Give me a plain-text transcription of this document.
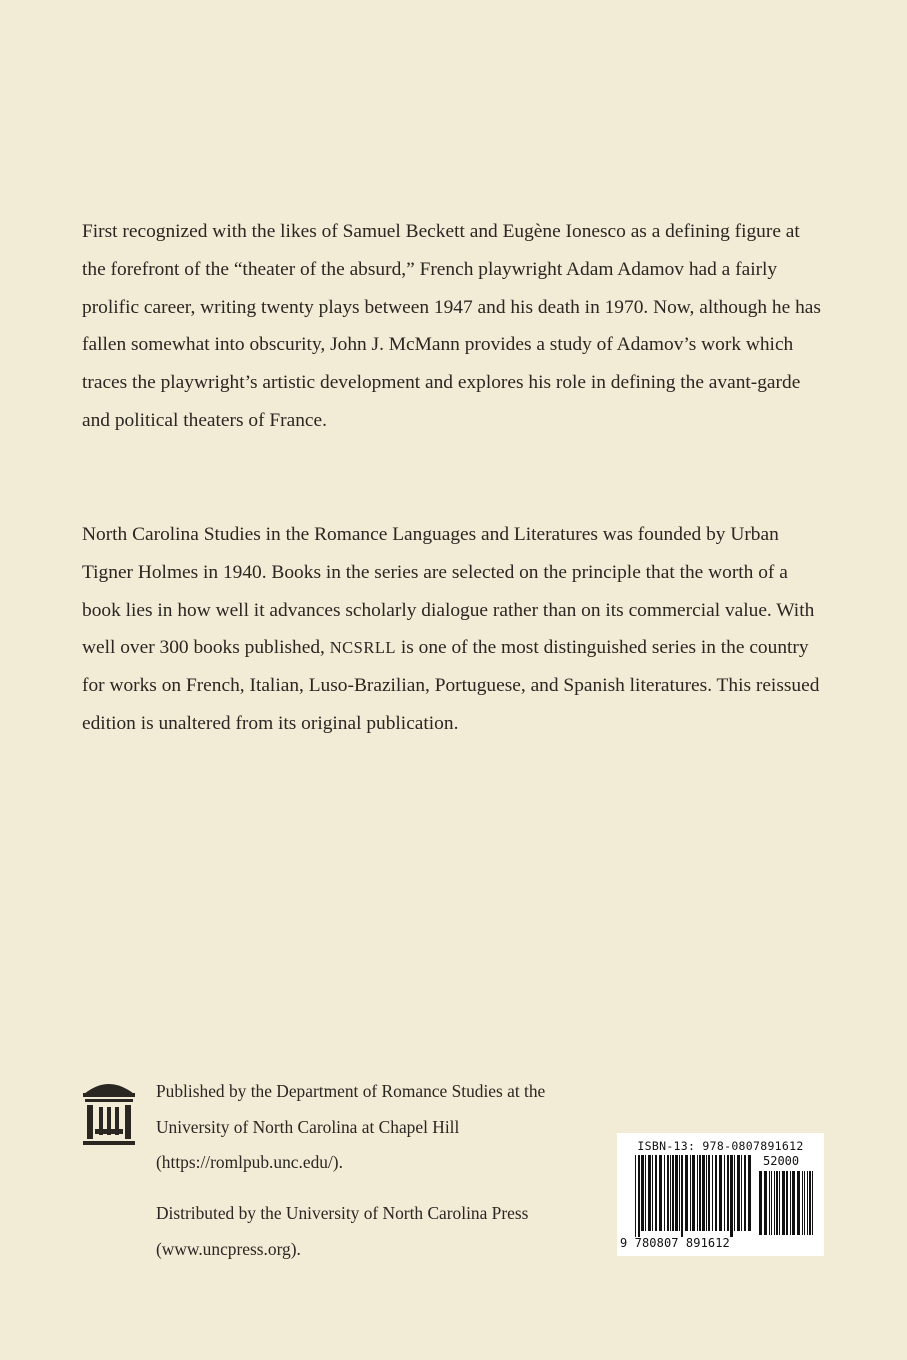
First recognized with the likes of Samuel Beckett and Eugène Ionesco as a defining figure at the forefront of the “theater of the absurd,” French playwright Adam Adamov had a fairly prolific career, writing twenty plays between 1947 and his death in 1970. Now, although he has fallen somewhat into obscurity, John J. McMann provides a study of Adamov’s work which traces the playwright’s artistic development and explores his role in defining the avant-garde and political theaters of France.

North Carolina Studies in the Romance Languages and Literatures was founded by Urban Tigner Holmes in 1940. Books in the series are selected on the principle that the worth of a book lies in how well it advances scholarly dialogue rather than on its commercial value. With well over 300 books published, NCSRLL is one of the most distinguished series in the country for works on French, Italian, Luso-Brazilian, Portuguese, and Spanish literatures. This reissued edition is unaltered from its original publication.

Published by the Department of Romance Studies at the University of North Carolina at Chapel Hill
(https://romlpub.unc.edu/).

Distributed by the University of North Carolina Press
(www.uncpress.org).

ISBN-13: 978-0807891612
52000
9 780807 891612
